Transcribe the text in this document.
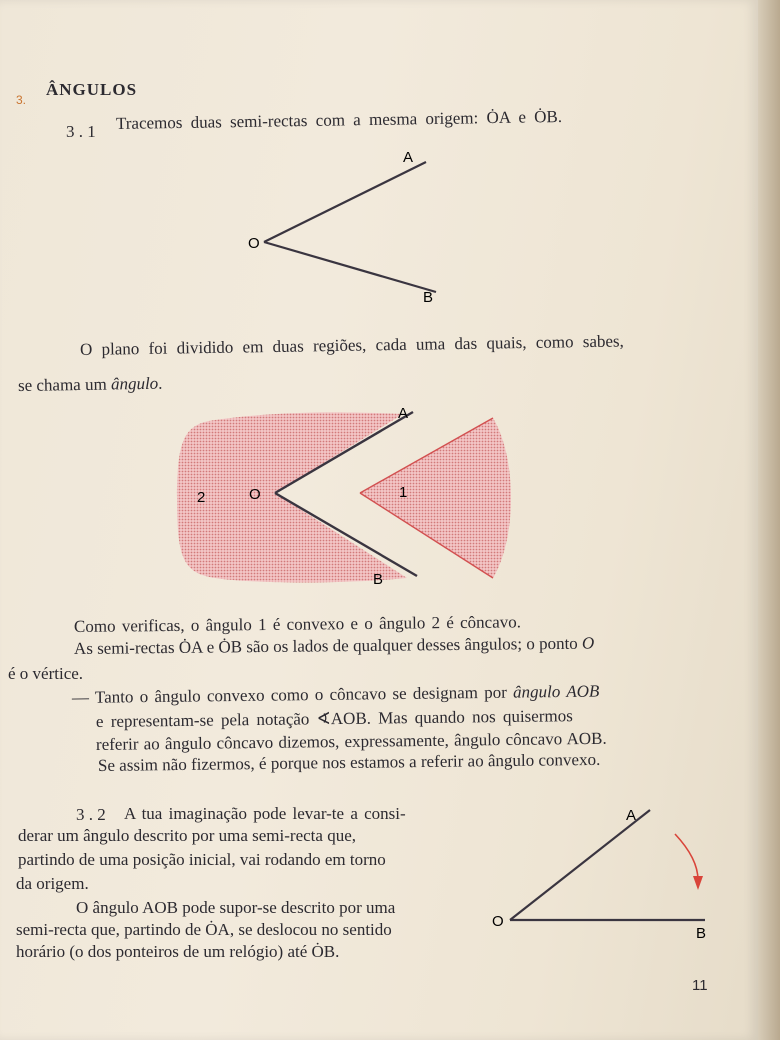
3.
ÂNGULOS
3 . 1 Tracemos duas semi-rectas com a mesma origem: ȮA e ȮB.
A
O
B
O plano foi dividido em duas regiões, cada uma das quais, como sabes,
se chama um ângulo.
A
O
B
1
2
Como verificas, o ângulo 1 é convexo e o ângulo 2 é côncavo.
As semi-rectas ȮA e ȮB são os lados de qualquer desses ângulos; o ponto O
é o vértice.
— Tanto o ângulo convexo como o côncavo se designam por ângulo AOB
e representam-se pela notação ∢AOB. Mas quando nos quisermos
referir ao ângulo côncavo dizemos, expressamente, ângulo côncavo AOB.
Se assim não fizermos, é porque nos estamos a referir ao ângulo convexo.
3 . 2 A tua imaginação pode levar-te a consi-
derar um ângulo descrito por uma semi-recta que,
partindo de uma posição inicial, vai rodando em torno
da origem.
O ângulo AOB pode supor-se descrito por uma
semi-recta que, partindo de ȮA, se deslocou no sentido
horário (o dos ponteiros de um relógio) até ȮB.
A
O
B
11
